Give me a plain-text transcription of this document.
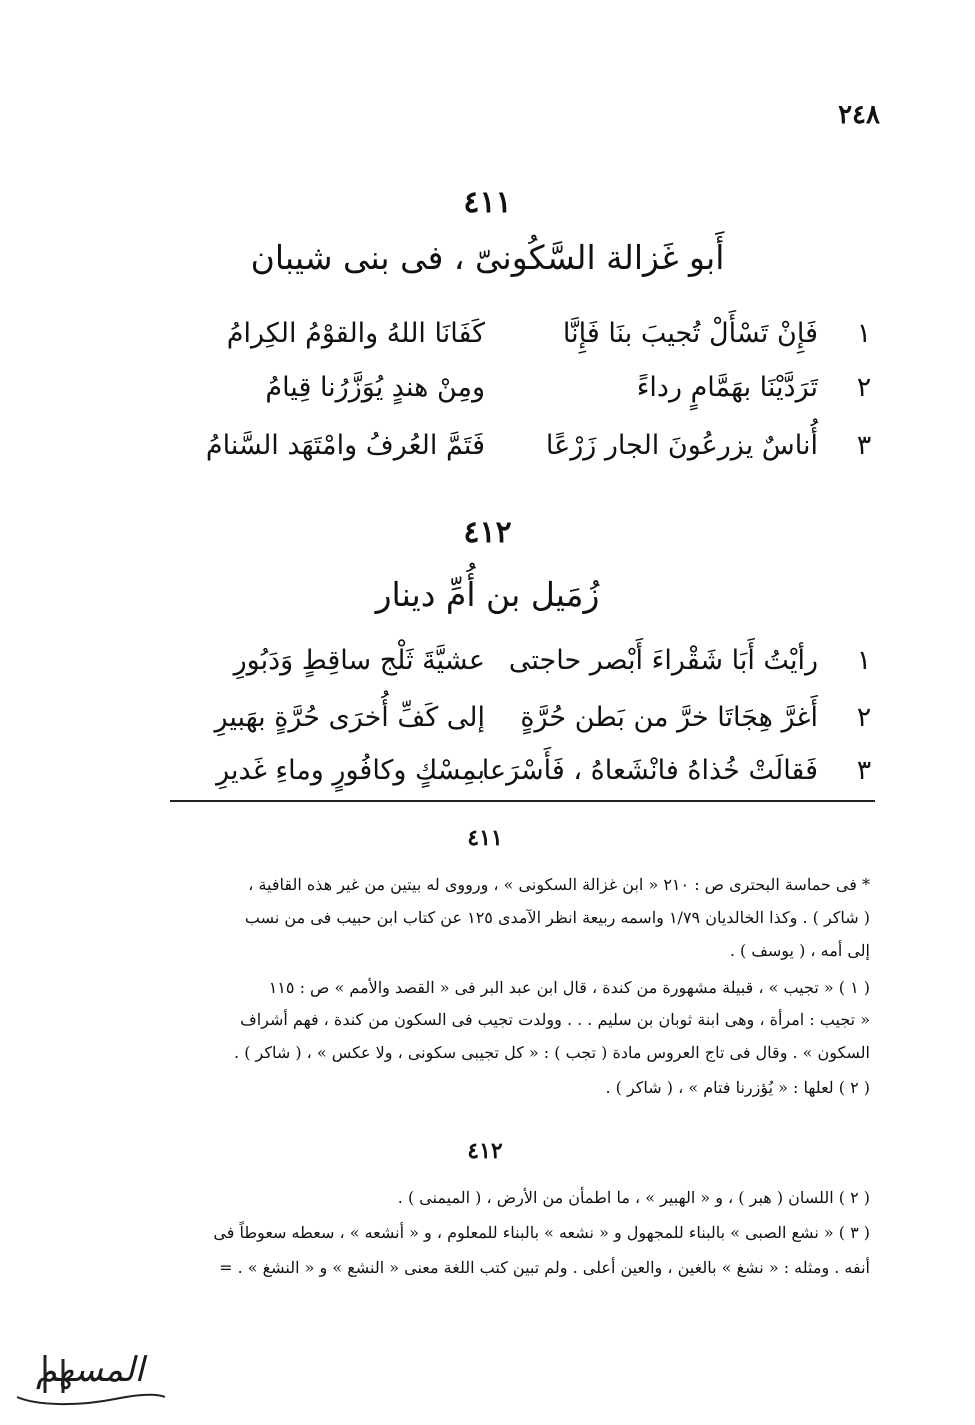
٢٤٨
٤١١
أَبو غَزالة السَّكُونىّ ، فى بنى شيبان
١
فَإِنْ تَسْأَلْ تُجيبَ بنَا فَإِنَّا
كَفَانَا اللهُ والقوْمُ الكِرامُ
٢
تَرَدَّيْنَا بهَمَّامٍ رداءً
ومِنْ هندٍ يُوَزَّرُنا قِيامُ
٣
أُناسٌ يزرعُونَ الجار زَرْعًا
فَتَمَّ العُرفُ وامْتَهَد السَّنامُ
٤١٢
زُمَيل بن أُمِّ دينار
١
رأيْتُ أَبَا شَقْراءَ أَبْصر حاجتى
عشيَّةَ ثَلْج ساقِطٍ وَدَبُورِ
٢
أَغرَّ هِجَاتَا خرَّ من بَطن حُرَّةٍ
إلى كَفِّ أُخرَى حُرَّةٍ بهَبيرِ
٣
فَقالَتْ خُذاهُ فانْشَعاهُ ، فَأَسْرَعا
بمِسْكٍ وكافُورٍ وماءِ غَديرِ
٤١١
* فى حماسة البحترى ص : ٢١٠ « ابن غزالة السكونى » ، ورووى له بيتين من غير هذه القافية ،
( شاكر ) . وكذا الخالديان ١/٧٩ واسمه ربيعة انظر الآمدى ١٢٥ عن كتاب ابن حبيب فى من نسب
إلى أمه ، ( يوسف ) .
( ١ ) « تجيب » ، قبيلة مشهورة من كندة ، قال ابن عبد البر فى « القصد والأمم » ص : ١١٥
« تجيب : امرأة ، وهى ابنة ثوبان بن سليم . . . وولدت تجيب فى السكون من كندة ، فهم أشراف
السكون » . وقال فى تاج العروس مادة ( تجب ) : « كل تجيبى سكونى ، ولا عكس » ، ( شاكر ) .
( ٢ ) لعلها : « يُؤزرنا فتام » ، ( شاكر ) .
٤١٢
( ٢ ) اللسان ( هبر ) ، و « الهبير » ، ما اطمأن من الأرض ، ( الميمنى ) .
( ٣ ) « نشع الصبى » بالبناء للمجهول و « نشعه » بالبناء للمعلوم ، و « أنشعه » ، سعطه سعوطاً فى
أنفه . ومثله : « نشغ » بالغين ، والعين أعلى . ولم تبين كتب اللغة معنى « النشع » و « النشغ » . =
المسهم
